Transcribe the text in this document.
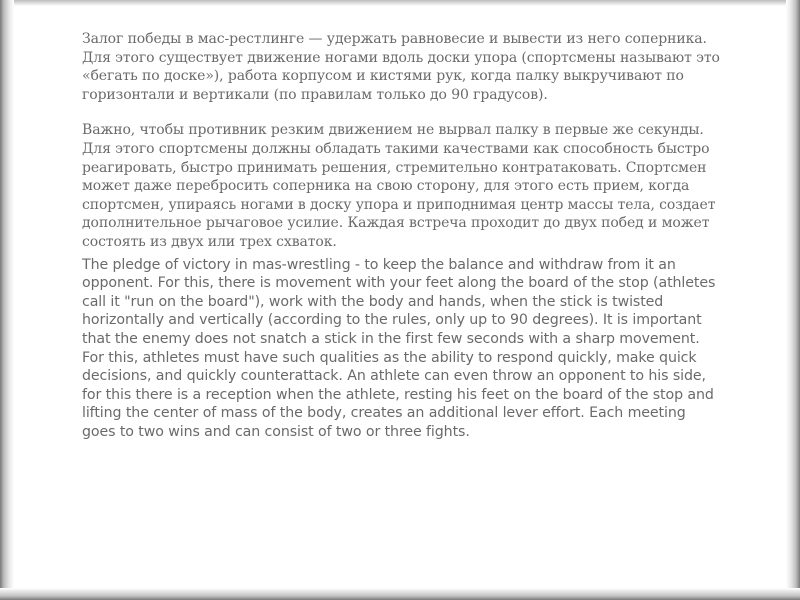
Залог победы в мас-рестлинге — удержать равновесие и вывести из него соперника. Для этого существует движение ногами вдоль доски упора (спортсмены называют это «бегать по доске»), работа корпусом и кистями рук, когда палку выкручивают по горизонтали и вертикали (по правилам только до 90 градусов).

Важно, чтобы противник резким движением не вырвал палку в первые же секунды. Для этого спортсмены должны обладать такими качествами как способность быстро реагировать, быстро принимать решения, стремительно контратаковать. Спортсмен может даже перебросить соперника на свою сторону, для этого есть прием, когда спортсмен, упираясь ногами в доску упора и приподнимая центр массы тела, создает дополнительное рычаговое усилие. Каждая встреча проходит до двух побед и может состоять из двух или трех схваток.

The pledge of victory in mas-wrestling - to keep the balance and withdraw from it an opponent. For this, there is movement with your feet along the board of the stop (athletes call it "run on the board"), work with the body and hands, when the stick is twisted horizontally and vertically (according to the rules, only up to 90 degrees). It is important that the enemy does not snatch a stick in the first few seconds with a sharp movement. For this, athletes must have such qualities as the ability to respond quickly, make quick decisions, and quickly counterattack. An athlete can even throw an opponent to his side, for this there is a reception when the athlete, resting his feet on the board of the stop and lifting the center of mass of the body, creates an additional lever effort. Each meeting goes to two wins and can consist of two or three fights.
